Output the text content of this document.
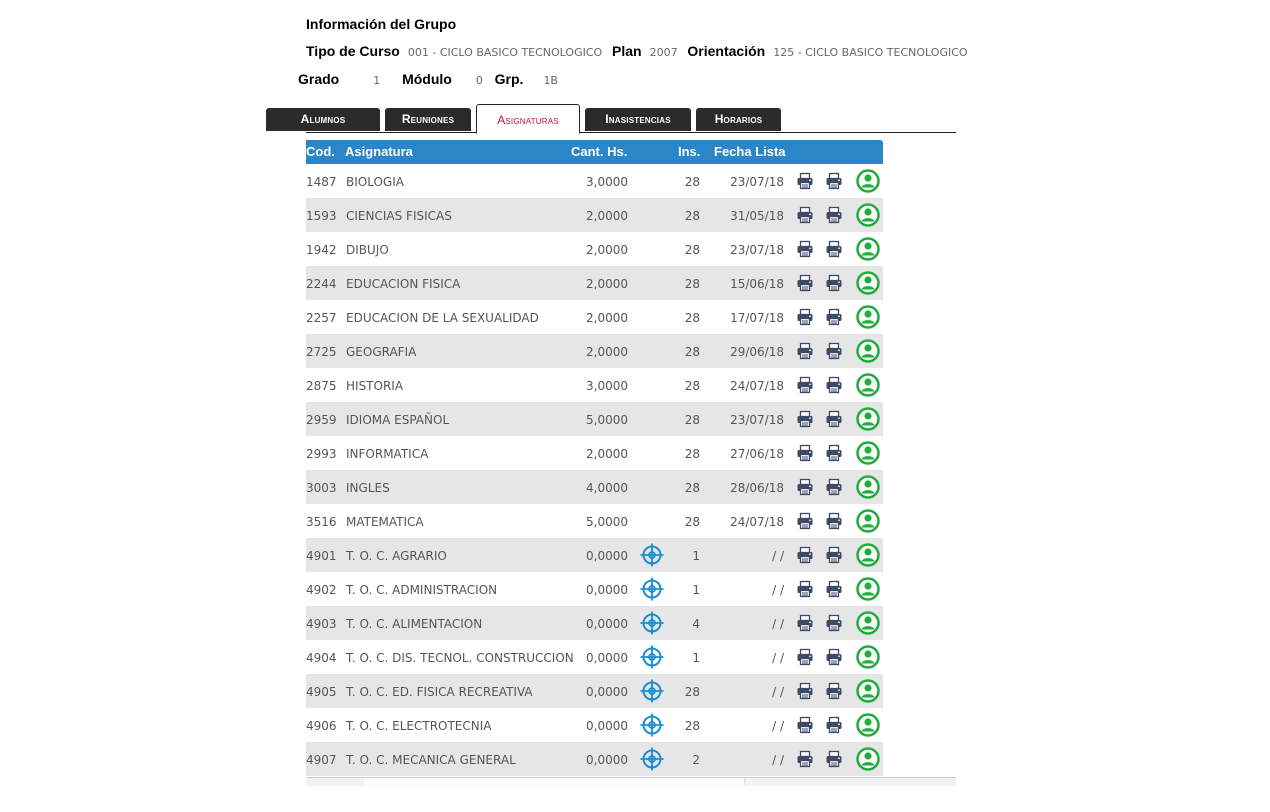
Información del Grupo
Tipo de Curso 001 - CICLO BASICO TECNOLOGICO Plan 2007 Orientación 125 - CICLO BASICO TECNOLOGICO
Grado	1 Módulo 0 Grp. 1B
Alumnos	Reuniones	Asignaturas	Inasistencias	Horarios
Cod. Asignatura	Cant. Hs.	Ins. Fecha Lista
1487 BIOLOGIA	3,0000	28	23/07/18
1593 CIENCIAS FISICAS	2,0000	28	31/05/18
1942 DIBUJO	2,0000	28	23/07/18
2244 EDUCACION FISICA	2,0000	28	15/06/18
2257 EDUCACION DE LA SEXUALIDAD	2,0000	28	17/07/18
2725 GEOGRAFIA	2,0000	28	29/06/18
2875 HISTORIA	3,0000	28	24/07/18
2959 IDIOMA ESPAÑOL	5,0000	28	23/07/18
2993 INFORMATICA	2,0000	28	27/06/18
3003 INGLES	4,0000	28	28/06/18
3516 MATEMATICA	5,0000	28	24/07/18
4901 T. O. C. AGRARIO	0,0000	1	/ /
4902 T. O. C. ADMINISTRACION	0,0000	1	/ /
4903 T. O. C. ALIMENTACION	0,0000	4	/ /
4904 T. O. C. DIS. TECNOL. CONSTRUCCION	0,0000	1	/ /
4905 T. O. C. ED. FISICA RECREATIVA	0,0000	28	/ /
4906 T. O. C. ELECTROTECNIA	0,0000	28	/ /
4907 T. O. C. MECANICA GENERAL	0,0000	2	/ /
